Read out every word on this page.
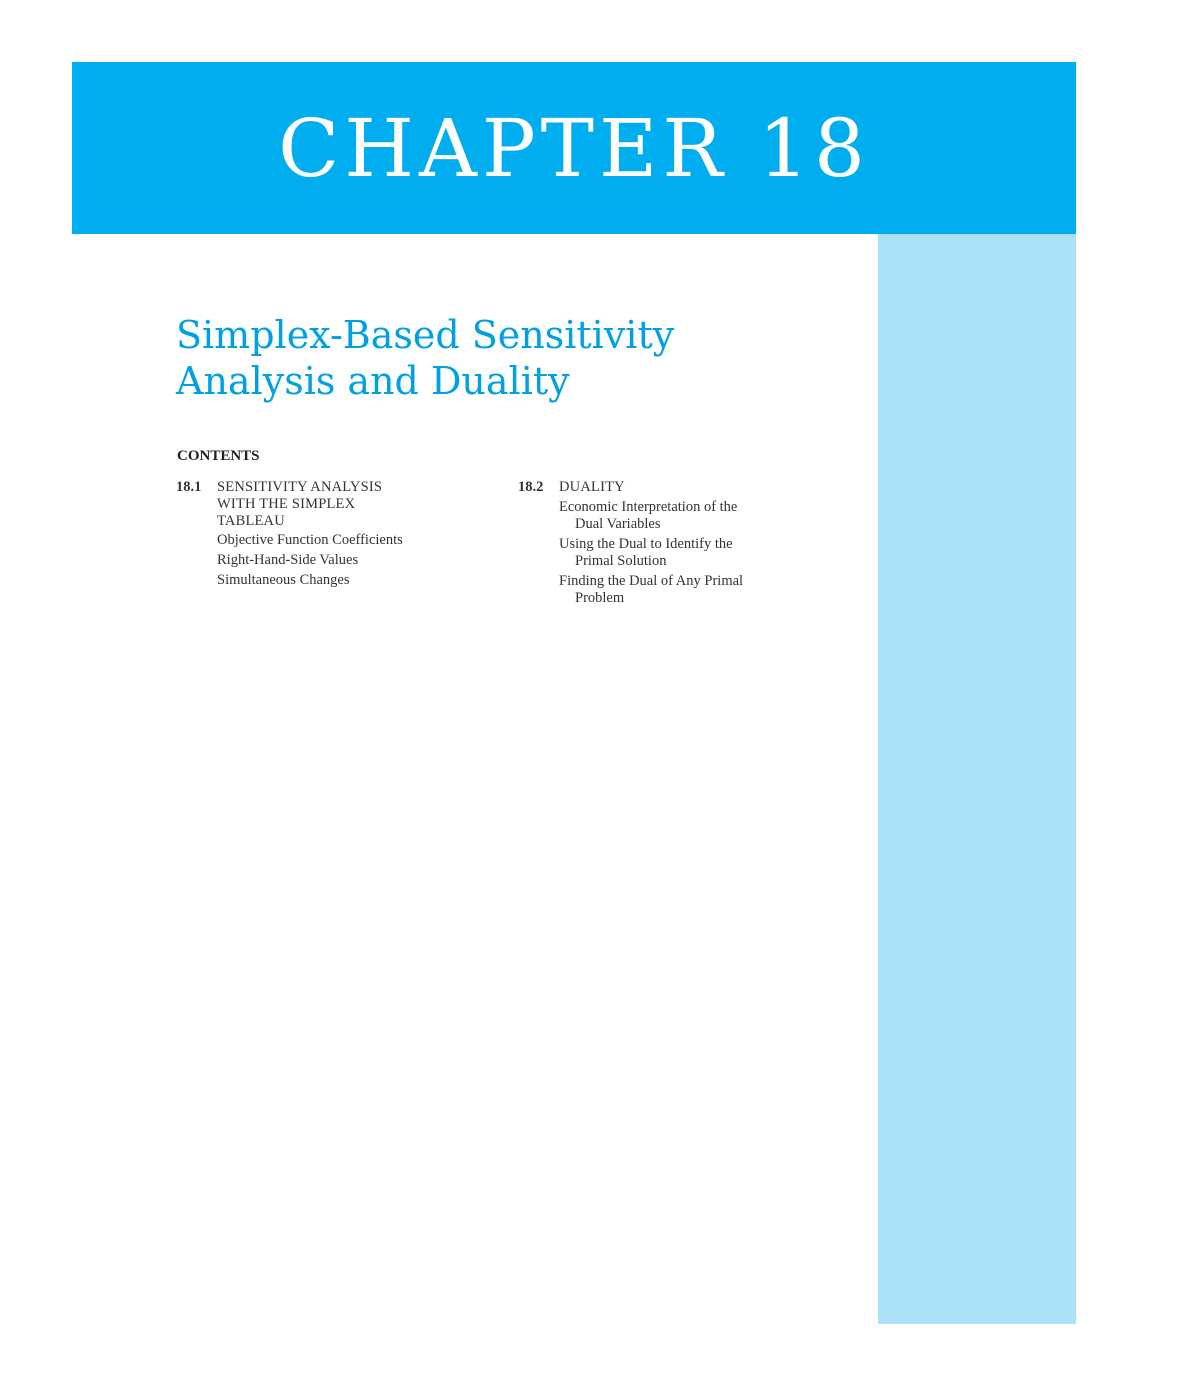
CHAPTER 18
Simplex-Based Sensitivity
Analysis and Duality
CONTENTS
18.1	SENSITIVITY ANALYSIS
WITH THE SIMPLEX
TABLEAU
Objective Function Coefficients
Right-Hand-Side Values
Simultaneous Changes
18.2	DUALITY
Economic Interpretation of the
Dual Variables
Using the Dual to Identify the
Primal Solution
Finding the Dual of Any Primal
Problem
